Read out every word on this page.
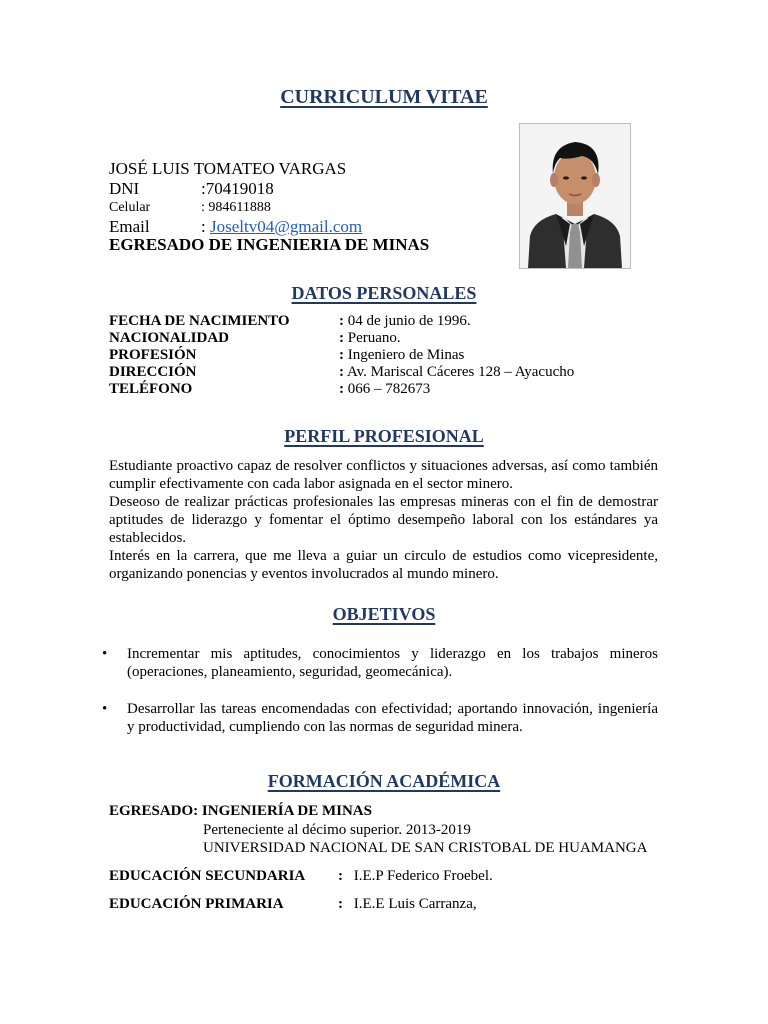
CURRICULUM VITAE
JOSÉ LUIS TOMATEO VARGAS
DNI	:70419018
Celular	: 984611888
Email	: Joseltv04@gmail.com
EGRESADO DE INGENIERIA DE MINAS
DATOS PERSONALES
FECHA DE NACIMIENTO	: 04 de junio de 1996.
NACIONALIDAD	: Peruano.
PROFESIÓN	: Ingeniero de Minas
DIRECCIÓN	: Av. Mariscal Cáceres 128 – Ayacucho
TELÉFONO	: 066 – 782673
PERFIL PROFESIONAL

Estudiante proactivo capaz de resolver conflictos y situaciones adversas, así como también cumplir efectivamente con cada labor asignada en el sector minero.

Deseoso de realizar prácticas profesionales las empresas mineras con el fin de demostrar aptitudes de liderazgo y fomentar el óptimo desempeño laboral con los estándares ya establecidos.

Interés en la carrera, que me lleva a guiar un circulo de estudios como vicepresidente, organizando ponencias y eventos involucrados al mundo minero.

OBJETIVOS
•	Incrementar mis aptitudes, conocimientos y liderazgo en los trabajos mineros (operaciones, planeamiento, seguridad, geomecánica).
•	Desarrollar las tareas encomendadas con efectividad; aportando innovación, ingeniería y productividad, cumpliendo con las normas de seguridad minera.
FORMACIÓN ACADÉMICA
EGRESADO: INGENIERÍA DE MINAS
Perteneciente al décimo superior. 2013-2019
UNIVERSIDAD NACIONAL DE SAN CRISTOBAL DE HUAMANGA
EDUCACIÓN SECUNDARIA : I.E.P Federico Froebel.
EDUCACIÓN PRIMARIA	: I.E.E Luis Carranza,
